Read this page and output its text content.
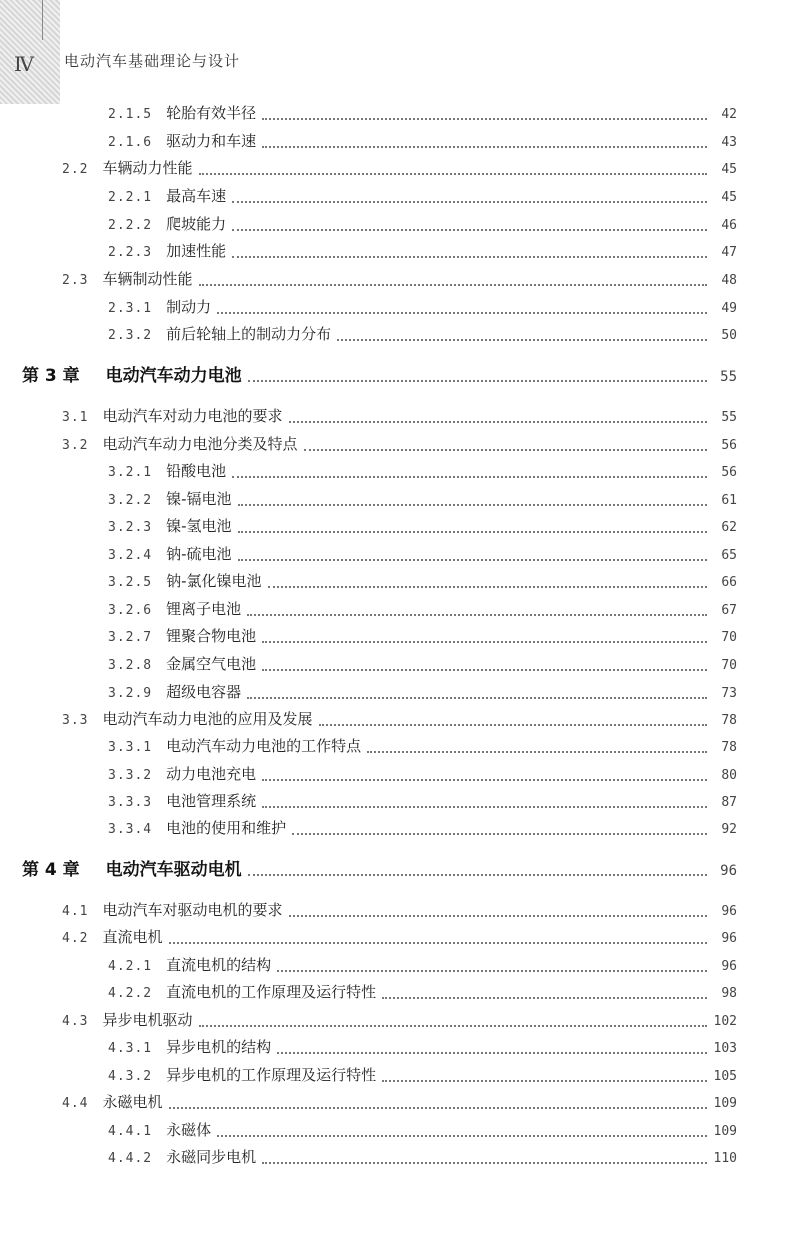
Ⅳ 电动汽车基础理论与设计
2.1.5 轮胎有效半径	42
2.1.6 驱动力和车速	43
2.2 车辆动力性能	45
2.2.1 最高车速	45
2.2.2 爬坡能力	46
2.2.3 加速性能	47
2.3 车辆制动性能	48
2.3.1 制动力	49
2.3.2 前后轮轴上的制动力分布	50
第 3 章 电动汽车动力电池	55
3.1 电动汽车对动力电池的要求	55
3.2 电动汽车动力电池分类及特点	56
3.2.1 铅酸电池	56
3.2.2 镍-镉电池	61
3.2.3 镍-氢电池	62
3.2.4 钠-硫电池	65
3.2.5 钠-氯化镍电池	66
3.2.6 锂离子电池	67
3.2.7 锂聚合物电池	70
3.2.8 金属空气电池	70
3.2.9 超级电容器	73
3.3 电动汽车动力电池的应用及发展	78
3.3.1 电动汽车动力电池的工作特点	78
3.3.2 动力电池充电	80
3.3.3 电池管理系统	87
3.3.4 电池的使用和维护	92
第 4 章 电动汽车驱动电机	96
4.1 电动汽车对驱动电机的要求	96
4.2 直流电机	96
4.2.1 直流电机的结构	96
4.2.2 直流电机的工作原理及运行特性	98
4.3 异步电机驱动	102
4.3.1 异步电机的结构	103
4.3.2 异步电机的工作原理及运行特性	105
4.4 永磁电机	109
4.4.1 永磁体	109
4.4.2 永磁同步电机	110
